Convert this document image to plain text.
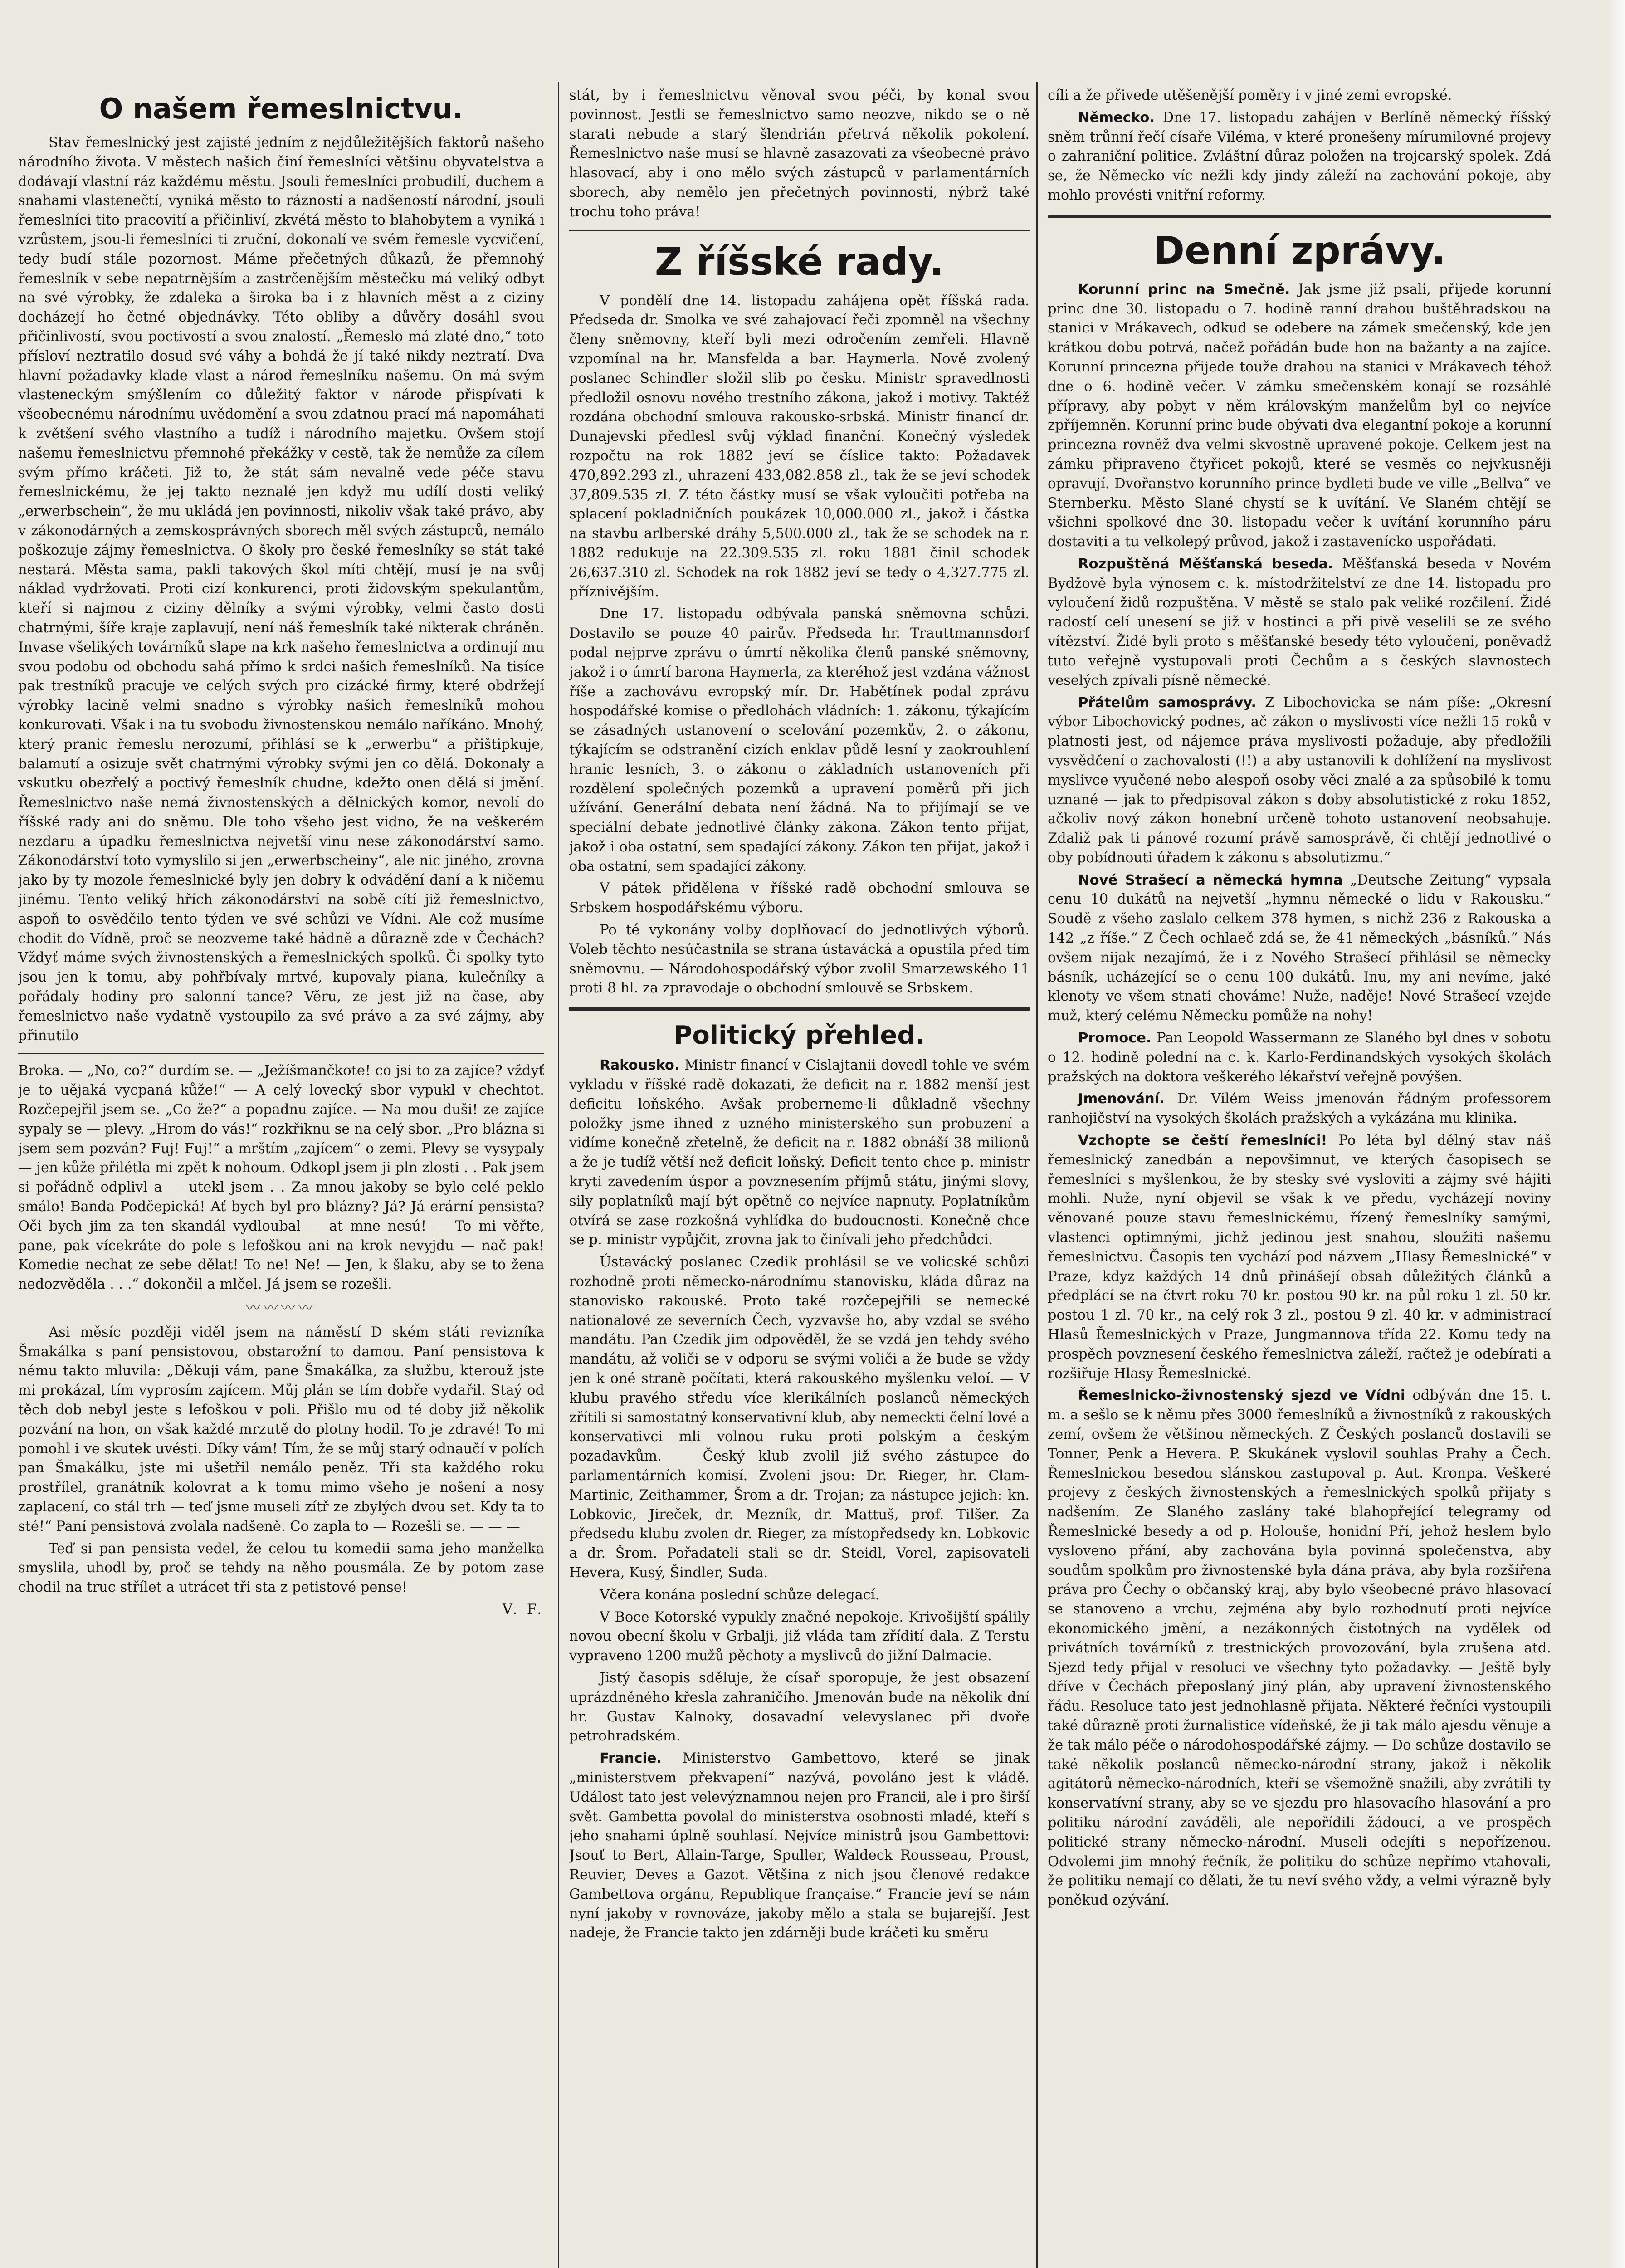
O našem řemeslnictvu.

Stav řemeslnický jest zajisté jedním z nejdůležitějších faktorů našeho národního života. V městech našich činí řemeslníci většinu obyvatelstva a dodávají vlastní ráz každému městu. Jsouli řemeslníci probudilí, duchem a snahami vlastenečtí, vyniká město to rázností a nadšeností národní, jsouli řemeslníci tito pracovití a přičinliví, zkvétá město to blahobytem a vyniká i vzrůstem, jsou-li řemeslníci ti zruční, dokonalí ve svém řemesle vycvičení, tedy budí stále pozornost. Máme přečetných důkazů, že přemnohý řemeslník v sebe nepatrnějším a zastrčenějším městečku má veliký odbyt na své výrobky, že zdaleka a široka ba i z hlavních měst a z ciziny docházejí ho četné objednávky. Této obliby a důvěry dosáhl svou přičinlivostí, svou poctivostí a svou znalostí. „Řemeslo má zlaté dno,“ toto přísloví neztratilo dosud své váhy a bohdá že jí také nikdy neztratí. Dva hlavní požadavky klade vlast a národ řemeslníku našemu. On má svým vlasteneckým smýšlením co důležitý faktor v národe přispívati k všeobecnému národnímu uvědomění a svou zdatnou prací má napomáhati k zvětšení svého vlastního a tudíž i národního majetku. Ovšem stojí našemu řemeslnictvu přemnohé překážky v cestě, tak že nemůže za cílem svým přímo kráčeti. Již to, že stát sám nevalně vede péče stavu řemeslnickému, že jej takto neznalé jen když mu udílí dosti veliký „erwerbschein“, že mu ukládá jen povinnosti, nikoliv však také právo, aby v zákonodárných a zemskosprávných sborech měl svých zástupců, nemálo poškozuje zájmy řemeslnictva. O školy pro české řemeslníky se stát také nestará. Města sama, pakli takových škol míti chtějí, musí je na svůj náklad vydržovati. Proti cizí konkurenci, proti židovským spekulantům, kteří si najmou z ciziny dělníky a svými výrobky, velmi často dosti chatrnými, šíře kraje zaplavují, není náš řemeslník také nikterak chráněn. Invase všelikých továrníků slape na krk našeho řemeslnictva a ordinují mu svou podobu od obchodu sahá přímo k srdci našich řemeslníků. Na tisíce pak trestníků pracuje ve celých svých pro cizácké firmy, které obdržejí výrobky lacině velmi snadno s výrobky našich řemeslníků mohou konkurovati. Však i na tu svobodu živnostenskou nemálo naříkáno. Mnohý, který pranic řemeslu nerozumí, přihlásí se k „erwerbu“ a přištipkuje, balamutí a osizuje svět chatrnými výrobky svými jen co dělá. Dokonaly a vskutku obezřelý a poctivý řemeslník chudne, kdežto onen dělá si jmění. Řemeslnictvo naše nemá živnostenských a dělnických komor, nevolí do říšské rady ani do sněmu. Dle toho všeho jest vidno, že na veškerém nezdaru a úpadku řemeslnictva nejvetší vinu nese zákonodárství samo. Zákonodárství toto vymyslilo si jen „erwerbscheiny“, ale nic jiného, zrovna jako by ty mozole řemeslnické byly jen dobry k odvádění daní a k ničemu jinému. Tento veliký hřích zákonodárství na sobě cítí již řemeslnictvo, aspoň to osvědčilo tento týden ve své schůzi ve Vídni. Ale což musíme chodit do Vídně, proč se neozveme také hádně a důrazně zde v Čechách? Vždyť máme svých živnostenských a řemeslnických spolků. Či spolky tyto jsou jen k tomu, aby pohřbívaly mrtvé, kupovaly piana, kulečníky a pořádaly hodiny pro salonní tance? Věru, ze jest již na čase, aby řemeslnictvo naše vydatně vystoupilo za své právo a za své zájmy, aby přinutilo

Broka. — „No, co?“ durdím se. — „Ježíšmančkote! co jsi to za zajíce? vždyť je to uějaká vycpaná kůže!“ — A celý lovecký sbor vypukl v chechtot. Rozčepejřil jsem se. „Co že?“ a popadnu zajíce. — Na mou duši! ze zajíce sypaly se — plevy. „Hrom do vás!“ rozkřiknu se na celý sbor. „Pro blázna si jsem sem pozván? Fuj! Fuj!“ a mrštím „zajícem“ o zemi. Plevy se vysypaly — jen kůže přilétla mi zpět k nohoum. Odkopl jsem ji pln zlosti . . Pak jsem si pořádně odplivl a — utekl jsem . . Za mnou jakoby se bylo celé peklo smálo! Banda Podčepická! Ať bych byl pro blázny? Já? Já erární pensista? Oči bych jim za ten skandál vydloubal — at mne nesú! — To mi věřte, pane, pak vícekráte do pole s lefoškou ani na krok nevyjdu — nač pak! Komedie nechat ze sebe dělat! To ne! Ne! — Jen, k šlaku, aby se to žena nedozvěděla . . .“ dokončil a mlčel. Já jsem se rozešli.

〰〰〰〰

Asi měsíc později viděl jsem na náměstí D ském státi revizníka Šmakálka s paní pensistovou, obstarožní to damou. Paní pensistova k nému takto mluvila: „Děkuji vám, pane Šmakálka, za službu, kterouž jste mi prokázal, tím vyprosím zajícem. Můj plán se tím dobře vydařil. Staý od těch dob nebyl jeste s lefoškou v poli. Přišlo mu od té doby již několik pozvání na hon, on však každé mrzutě do plotny hodil. To je zdravé! To mi pomohl i ve skutek uvésti. Díky vám! Tím, že se můj starý odnaučí v polích pan Šmakálku, jste mi ušetřil nemálo peněz. Tři sta každého roku prostřílel, granátník kolovrat a k tomu mimo všeho je nošení a nosy zaplacení, co stál trh — teď jsme museli zítř ze zbylých dvou set. Kdy ta to sté!“ Paní pensistová zvolala nadšeně. Co zapla to — Rozešli se. — — —

Teď si pan pensista vedel, že celou tu komedii sama jeho manželka smyslila, uhodl by, proč se tehdy na něho pousmála. Ze by potom zase chodil na truc střílet a utrácet tři sta z petistové pense!

V. F.

stát, by i řemeslnictvu věnoval svou péči, by konal svou povinnost. Jestli se řemeslnictvo samo neozve, nikdo se o ně starati nebude a starý šlendrián přetrvá několik pokolení. Řemeslnictvo naše musí se hlavně zasazovati za všeobecné právo hlasovací, aby i ono mělo svých zástupců v parlamentárních sborech, aby nemělo jen přečetných povinností, nýbrž také trochu toho práva!

Z říšské rady.

V pondělí dne 14. listopadu zahájena opět říšská rada. Předseda dr. Smolka ve své zahajovací řeči zpomněl na všechny členy sněmovny, kteří byli mezi odročením zemřeli. Hlavně vzpomínal na hr. Mansfelda a bar. Haymerla. Nově zvolený poslanec Schindler složil slib po česku. Ministr spravedlnosti předložil osnovu nového trestního zákona, jakož i motivy. Taktéž rozdána obchodní smlouva rakousko-srbská. Ministr financí dr. Dunajevski předlesl svůj výklad finanční. Konečný výsledek rozpočtu na rok 1882 jeví se číslice takto: Požadavek 470,892.293 zl., uhrazení 433,082.858 zl., tak že se jeví schodek 37,809.535 zl. Z této částky musí se však vyloučiti potřeba na splacení pokladničních poukázek 10,000.000 zl., jakož i částka na stavbu arlberské dráhy 5,500.000 zl., tak že se schodek na r. 1882 redukuje na 22.309.535 zl. roku 1881 činil schodek 26,637.310 zl. Schodek na rok 1882 jeví se tedy o 4,327.775 zl. příznivějším.

Dne 17. listopadu odbývala panská sněmovna schůzi. Dostavilo se pouze 40 pairův. Předseda hr. Trauttmannsdorf podal nejprve zprávu o úmrtí několika členů panské sněmovny, jakož i o úmrtí barona Haymerla, za kteréhož jest vzdána vážnost říše a zachovávu evropský mír. Dr. Habětínek podal zprávu hospodářské komise o předlohách vládních: 1. zákonu, týkajícím se zásadných ustanovení o scelování pozemkův, 2. o zákonu, týkajícím se odstranění cizích enklav půdě lesní y zaokrouhlení hranic lesních, 3. o zákonu o základních ustanoveních při rozdělení společných pozemků a upravení poměrů při jich užívání. Generální debata není žádná. Na to přijímají se ve speciální debate jednotlivé články zákona. Zákon tento přijat, jakož i oba ostatní, sem spadající zákony. Zákon ten přijat, jakož i oba ostatní, sem spadající zákony.

V pátek přidělena v říšské radě obchodní smlouva se Srbskem hospodářskému výboru.

Po té vykonány volby doplňovací do jednotlivých výborů. Voleb těchto nesúčastnila se strana ústavácká a opustila před tím sněmovnu. — Národohospodářský výbor zvolil Smarzewského 11 proti 8 hl. za zpravodaje o obchodní smlouvě se Srbskem.

Politický přehled.

Rakousko. Ministr financí v Cislajtanii dovedl tohle ve svém vykladu v říšské radě dokazati, že deficit na r. 1882 menší jest deficitu loňského. Avšak proberneme-li důkladně všechny položky jsme ihned z uzného ministerského sun probuzení a vidíme konečně zřetelně, že deficit na r. 1882 obnáší 38 milionů a že je tudíž větší než deficit loňský. Deficit tento chce p. ministr kryti zavedením úspor a povznesením příjmů státu, jinými slovy, sily poplatníků mají být opětně co nejvíce napnuty. Poplatníkům otvírá se zase rozkošná vyhlídka do budoucnosti. Konečně chce se p. ministr vypůjčit, zrovna jak to činívali jeho předchůdci.

Ústavácký poslanec Czedik prohlásil se ve volicské schůzi rozhodně proti německo-národnímu stanovisku, kláda důraz na stanovisko rakouské. Proto také rozčepejřili se nemecké nationalové ze severních Čech, vyzvavše ho, aby vzdal se svého mandátu. Pan Czedik jim odpověděl, že se vzdá jen tehdy svého mandátu, až voliči se v odporu se svými voliči a že bude se vždy jen k oné straně počítati, která rakouského myšlenku veloí. — V klubu pravého středu více klerikálních poslanců německých zřítili si samostatný konservativní klub, aby nemeckti čelní lové a konservativci mli volnou ruku proti polským a českým pozadavkům. — Český klub zvolil již svého zástupce do parlamentárních komisí. Zvoleni jsou: Dr. Rieger, hr. Clam-Martinic, Zeithammer, Šrom a dr. Trojan; za nástupce jejich: kn. Lobkovic, Jireček, dr. Mezník, dr. Mattuš, prof. Tilšer. Za předsedu klubu zvolen dr. Rieger, za místopředsedy kn. Lobkovic a dr. Šrom. Pořadateli stali se dr. Steidl, Vorel, zapisovateli Hevera, Kusý, Šindler, Suda.

Včera konána poslední schůze delegací.

V Boce Kotorské vypukly značné nepokoje. Krivošijští spálily novou obecní školu v Grbalji, již vláda tam zřídití dala. Z Terstu vypraveno 1200 mužů pěchoty a myslivců do jižní Dalmacie.

Jistý časopis sděluje, že císař sporopuje, že jest obsazení uprázdněného křesla zahraničího. Jmenován bude na několik dní hr. Gustav Kalnoky, dosavadní velevyslanec při dvoře petrohradském.

Francie. Ministerstvo Gambettovo, které se jinak „ministerstvem překvapení“ nazývá, povoláno jest k vládě. Událost tato jest velevýznamnou nejen pro Francii, ale i pro širší svět. Gambetta povolal do ministerstva osobnosti mladé, kteří s jeho snahami úplně souhlasí. Nejvíce ministrů jsou Gambettovi: Jsouť to Bert, Allain-Targe, Spuller, Waldeck Rousseau, Proust, Reuvier, Deves a Gazot. Většina z nich jsou členové redakce Gambettova orgánu, Republique française.“ Francie jeví se nám nyní jakoby v rovnováze, jakoby mělo a stala se bujarejší. Jest nadeje, že Francie takto jen zdárněji bude kráčeti ku směru

cíli a že přivede utěšenější poměry i v jiné zemi evropské.

Německo. Dne 17. listopadu zahájen v Berlíně německý říšský sněm trůnní řečí císaře Viléma, v které pronešeny mírumilovné projevy o zahraniční politice. Zvláštní důraz položen na trojcarský spolek. Zdá se, že Německo víc nežli kdy jindy záleží na zachování pokoje, aby mohlo provésti vnitřní reformy.

Denní zprávy.

Korunní princ na Smečně. Jak jsme již psali, přijede korunní princ dne 30. listopadu o 7. hodině ranní drahou buštěhradskou na stanici v Mrákavech, odkud se odebere na zámek smečenský, kde jen krátkou dobu potrvá, načež pořádán bude hon na bažanty a na zajíce. Korunní princezna přijede touže drahou na stanici v Mrákavech téhož dne o 6. hodině večer. V zámku smečenském konají se rozsáhlé přípravy, aby pobyt v něm královským manželům byl co nejvíce zpříjemněn. Korunní princ bude obývati dva elegantní pokoje a korunní princezna rovněž dva velmi skvostně upravené pokoje. Celkem jest na zámku připraveno čtyřicet pokojů, které se vesměs co nejvkusněji opravují. Dvořanstvo korunního prince bydleti bude ve ville „Bellva“ ve Sternberku. Město Slané chystí se k uvítání. Ve Slaném chtějí se všichni spolkové dne 30. listopadu večer k uvítání korunního páru dostaviti a tu velkolepý průvod, jakož i zastavenícko uspořádati.

Rozpuštěná Měšťanská beseda. Měšťanská beseda v Novém Bydžově byla výnosem c. k. místodržitelství ze dne 14. listopadu pro vyloučení židů rozpuštěna. V městě se stalo pak veliké rozčilení. Židé radostí celí unesení se již v hostinci a při pivě veselili se ze svého vítězství. Židé byli proto s měšťanské besedy této vyloučeni, poněvadž tuto veřejně vystupovali proti Čechům a s českých slavnostech veselých zpívali písně německé.

Přátelům samosprávy. Z Libochovicka se nám píše: „Okresní výbor Libochovický podnes, ač zákon o myslivosti více nežli 15 roků v platnosti jest, od nájemce práva myslivosti požaduje, aby předložili vysvědčení o zachovalosti (!!) a aby ustanovili k dohlížení na myslivost myslivce vyučené nebo alespoň osoby věci znalé a za spůsobilé k tomu uznané — jak to předpisoval zákon s doby absolutistické z roku 1852, ačkoliv nový zákon honební určeně tohoto ustanovení neobsahuje. Zdaliž pak ti pánové rozumí právě samosprávě, či chtějí jednotlivé o oby pobídnouti úřadem k zákonu s absolutizmu.“

Nové Strašecí a německá hymna „Deutsche Zeitung“ vypsala cenu 10 dukátů na nejvetší „hymnu německé o lidu v Rakousku.“ Soudě z všeho zaslalo celkem 378 hymen, s nichž 236 z Rakouska a 142 „z říše.“ Z Čech ochlaeč zdá se, že 41 německých „básníků.“ Nás ovšem nijak nezajímá, že i z Nového Strašecí přihlásil se německy básník, ucházející se o cenu 100 dukátů. Inu, my ani nevíme, jaké klenoty ve všem stnati chováme! Nuže, naděje! Nové Strašecí vzejde muž, který celému Německu pomůže na nohy!

Promoce. Pan Leopold Wassermann ze Slaného byl dnes v sobotu o 12. hodině polední na c. k. Karlo-Ferdinandských vysokých školách pražských na doktora veškerého lékařství veřejně povýšen.

Jmenování. Dr. Vilém Weiss jmenován řádným professorem ranhojičství na vysokých školách pražských a vykázána mu klinika.

Vzchopte se čeští řemeslníci! Po léta byl dělný stav náš řemeslnický zanedbán a nepovšimnut, ve kterých časopisech se řemeslníci s myšlenkou, že by stesky své vysloviti a zájmy své hájiti mohli. Nuže, nyní objevil se však k ve předu, vycházejí noviny věnované pouze stavu řemeslnickému, řízený řemeslníky samými, vlastenci optimnými, jichž jedinou jest snahou, sloužiti našemu řemeslnictvu. Časopis ten vychází pod názvem „Hlasy Řemeslnické“ v Praze, kdyz každých 14 dnů přinášejí obsah důležitých článků a předplácí se na čtvrt roku 70 kr. postou 90 kr. na půl roku 1 zl. 50 kr. postou 1 zl. 70 kr., na celý rok 3 zl., postou 9 zl. 40 kr. v administrací Hlasů Řemeslnických v Praze, Jungmannova třída 22. Komu tedy na prospěch povznesení českého řemeslnictva záleží, račtež je odebírati a rozšiřuje Hlasy Řemeslnické.

Řemeslnicko-živnostenský sjezd ve Vídni odbýván dne 15. t. m. a sešlo se k němu přes 3000 řemeslníků a živnostníků z rakouských zemí, ovšem že většinou německých. Z Českých poslanců dostavili se Tonner, Penk a Hevera. P. Skukánek vyslovil souhlas Prahy a Čech. Řemeslnickou besedou slánskou zastupoval p. Aut. Kronpa. Veškeré projevy z českých živnostenských a řemeslnických spolků přijaty s nadšením. Ze Slaného zaslány také blahopřející telegramy od Řemeslnické besedy a od p. Holouše, honidní Pří, jehož heslem bylo vysloveno přání, aby zachována byla povinná společenstva, aby soudům spolkům pro živnostenské byla dána práva, aby byla rozšířena práva pro Čechy o občanský kraj, aby bylo všeobecné právo hlasovací se stanoveno a vrchu, zejména aby bylo rozhodnutí proti nejvíce ekonomického jmění, a nezákonných čistotných na vydělek od privátních továrníků z trestnických provozování, byla zrušena atd. Sjezd tedy přijal v resoluci ve všechny tyto požadavky. — Ještě byly dříve v Čechách přeposlaný jiný plán, aby upravení živnostenského řádu. Resoluce tato jest jednohlasně přijata. Některé řečníci vystoupili také důrazně proti žurnalistice vídeňské, že ji tak málo ajesdu věnuje a že tak málo péče o národohospodářské zájmy. — Do schůze dostavilo se také několik poslanců německo-národní strany, jakož i několik agitátorů německo-národních, kteří se všemožně snažili, aby zvrátili ty konservatívní strany, aby se ve sjezdu pro hlasovacího hlasování a pro politiku národní zaváděli, ale nepořídili žádoucí, a ve prospěch politické strany německo-národní. Museli odejíti s nepořízenou. Odvolemi jim mnohý řečník, že politiku do schůze nepřímo vtahovali, že politiku nemají co dělati, že tu neví svého vždy, a velmi výrazně byly poněkud ozývání.
